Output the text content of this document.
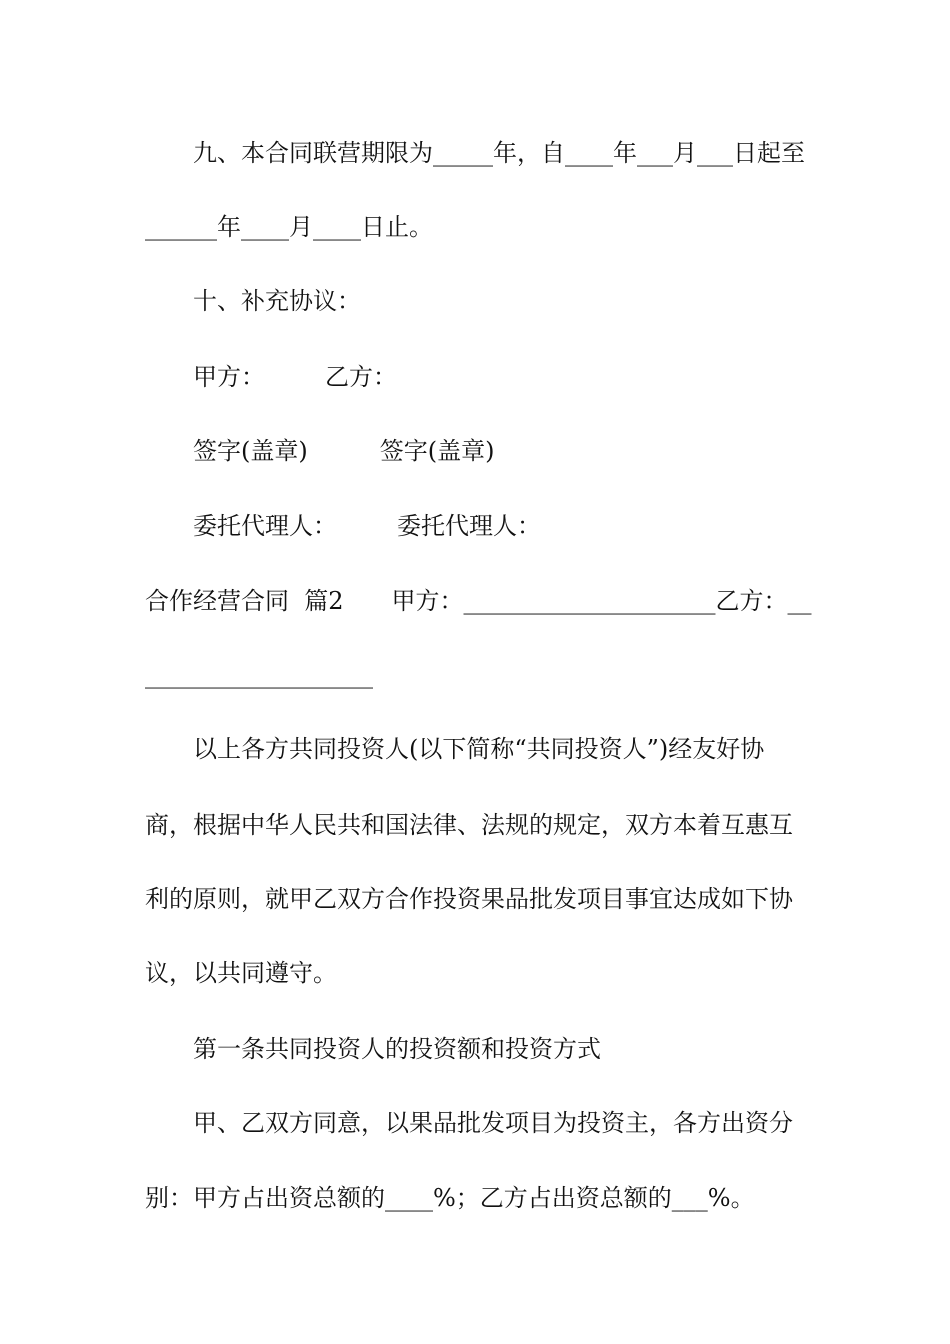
　　九、本合同联营期限为_____年，自____年___月___日起至
______年____月____日止。
　　十、补充协议：
　　甲方：　　　乙方：
　　签字(盖章)　　　签字(盖章)
　　委托代理人：　　　委托代理人：
合作经营合同  篇2　　甲方：_____________________乙方：__
___________________
　　以上各方共同投资人(以下简称“共同投资人”)经友好协
商，根据中华人民共和国法律、法规的规定，双方本着互惠互
利的原则，就甲乙双方合作投资果品批发项目事宜达成如下协
议，以共同遵守。
　　第一条共同投资人的投资额和投资方式
　　甲、乙双方同意，以果品批发项目为投资主，各方出资分
别：甲方占出资总额的____%；乙方占出资总额的___%。
